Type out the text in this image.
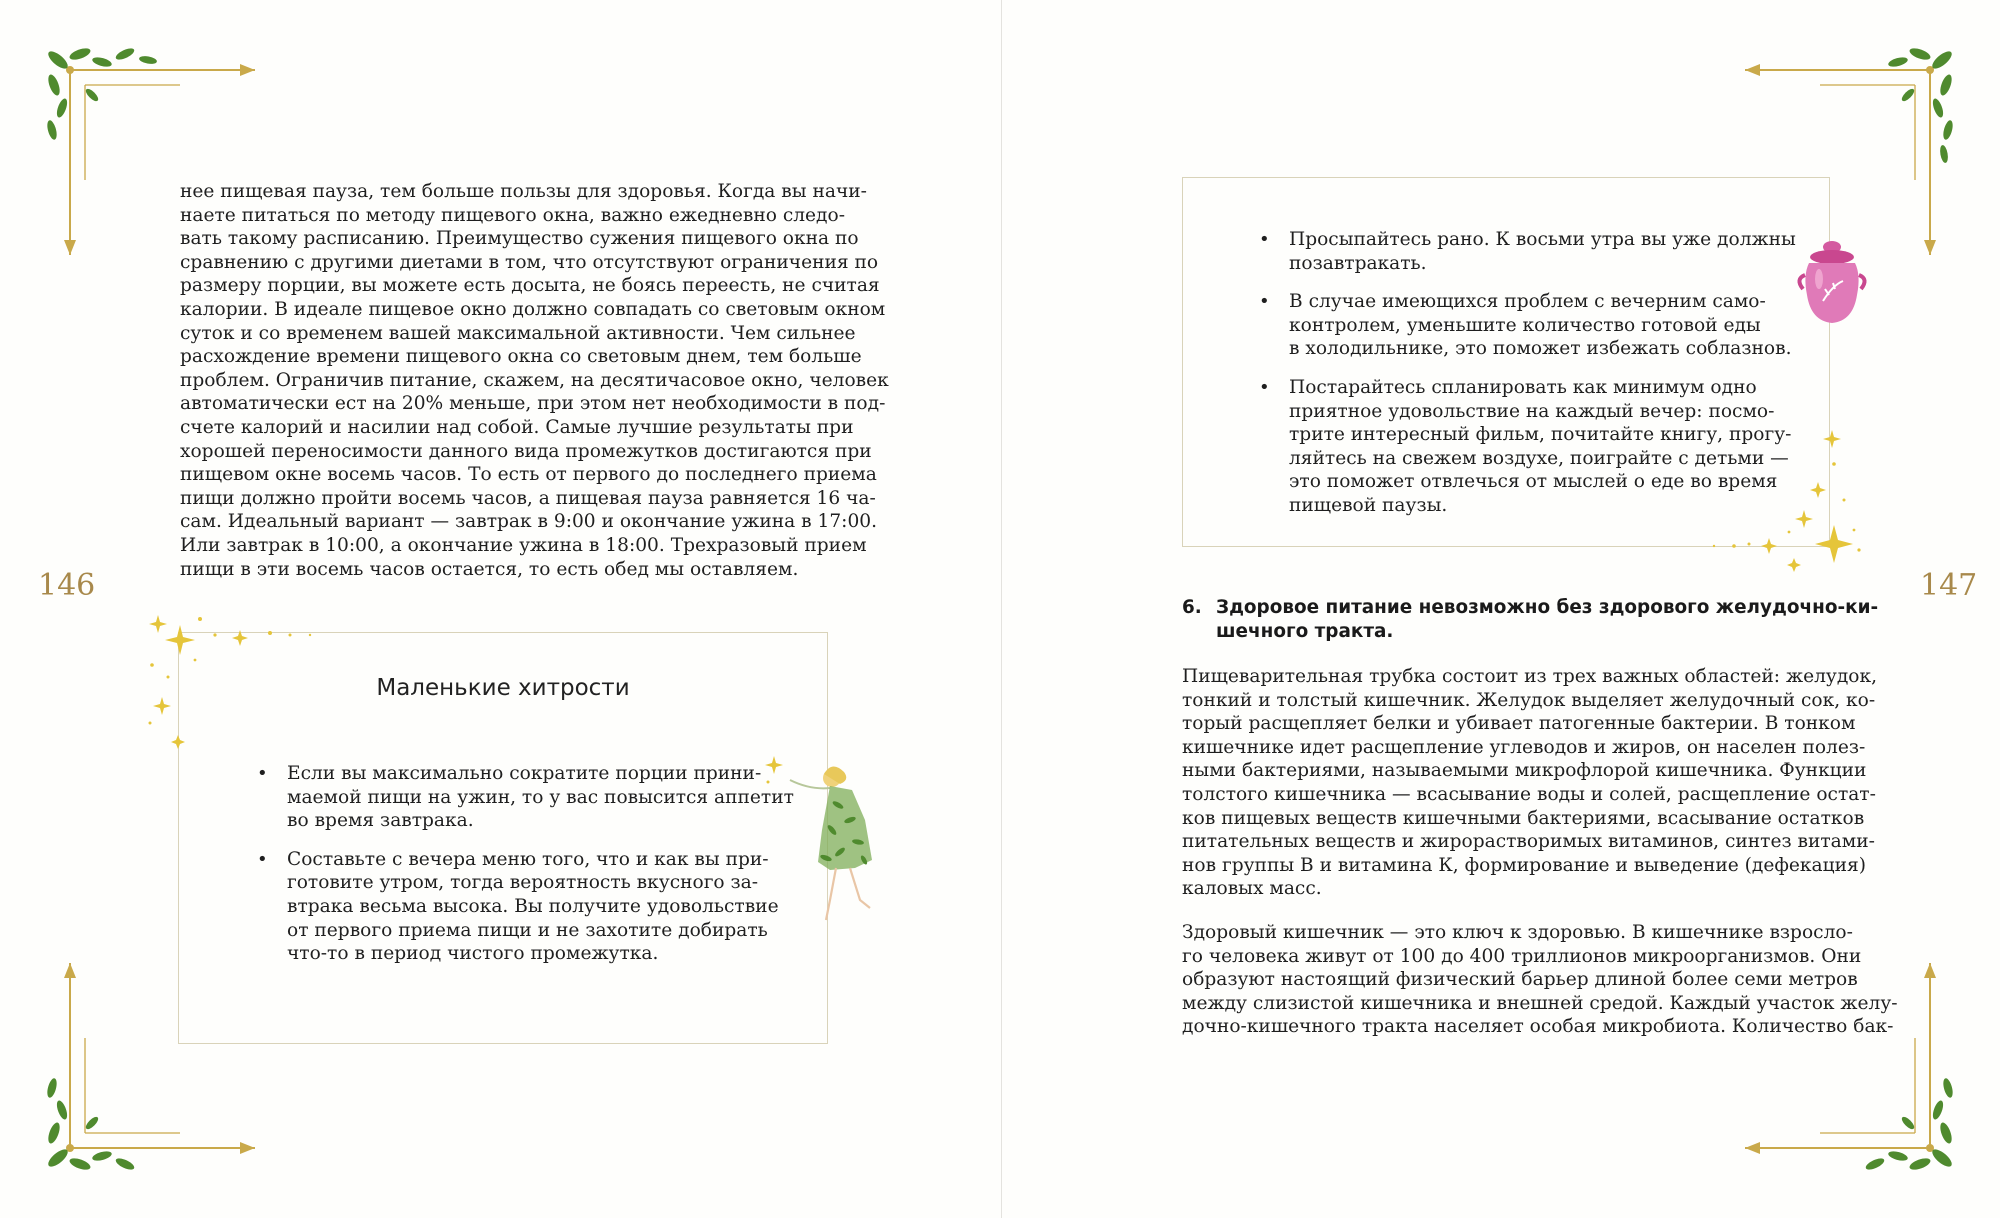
нее пищевая пауза, тем больше пользы для здоровья. Когда вы начи-
наете питаться по методу пищевого окна, важно ежедневно следо-
вать такому расписанию. Преимущество сужения пищевого окна по
сравнению с другими диетами в том, что отсутствуют ограничения по
размеру порции, вы можете есть досыта, не боясь переесть, не считая
калории. В идеале пищевое окно должно совпадать со световым окном
суток и со временем вашей максимальной активности. Чем сильнее
расхождение времени пищевого окна со световым днем, тем больше
проблем. Ограничив питание, скажем, на десятичасовое окно, человек
автоматически ест на 20% меньше, при этом нет необходимости в под-
счете калорий и насилии над собой. Самые лучшие результаты при
хорошей переносимости данного вида промежутков достигаются при
пищевом окне восемь часов. То есть от первого до последнего приема
пищи должно пройти восемь часов, а пищевая пауза равняется 16 ча-
сам. Идеальный вариант — завтрак в 9:00 и окончание ужина в 17:00.
Или завтрак в 10:00, а окончание ужина в 18:00. Трехразовый прием
пищи в эти восемь часов остается, то есть обед мы оставляем.
146
Маленькие хитрости
• Если вы максимально сократите порции прини-
маемой пищи на ужин, то у вас повысится аппетит
во время завтрака.
• Составьте с вечера меню того, что и как вы при-
готовите утром, тогда вероятность вкусного за-
втрака весьма высока. Вы получите удовольствие
от первого приема пищи и не захотите добирать
что-то в период чистого промежутка.
• Просыпайтесь рано. К восьми утра вы уже должны
позавтракать.
• В случае имеющихся проблем с вечерним само-
контролем, уменьшите количество готовой еды
в холодильнике, это поможет избежать соблазнов.
• Постарайтесь спланировать как минимум одно
приятное удовольствие на каждый вечер: посмо-
трите интересный фильм, почитайте книгу, прогу-
ляйтесь на свежем воздухе, поиграйте с детьми —
это поможет отвлечься от мыслей о еде во время
пищевой паузы.
147
6. Здоровое питание невозможно без здорового желудочно-ки-
шечного тракта.
Пищеварительная трубка состоит из трех важных областей: желудок,
тонкий и толстый кишечник. Желудок выделяет желудочный сок, ко-
торый расщепляет белки и убивает патогенные бактерии. В тонком
кишечнике идет расщепление углеводов и жиров, он населен полез-
ными бактериями, называемыми микрофлорой кишечника. Функции
толстого кишечника — всасывание воды и солей, расщепление остат-
ков пищевых веществ кишечными бактериями, всасывание остатков
питательных веществ и жирорастворимых витаминов, синтез витами-
нов группы В и витамина К, формирование и выведение (дефекация)
каловых масс.
Здоровый кишечник — это ключ к здоровью. В кишечнике взросло-
го человека живут от 100 до 400 триллионов микроорганизмов. Они
образуют настоящий физический барьер длиной более семи метров
между слизистой кишечника и внешней средой. Каждый участок желу-
дочно-кишечного тракта населяет особая микробиота. Количество бак-
